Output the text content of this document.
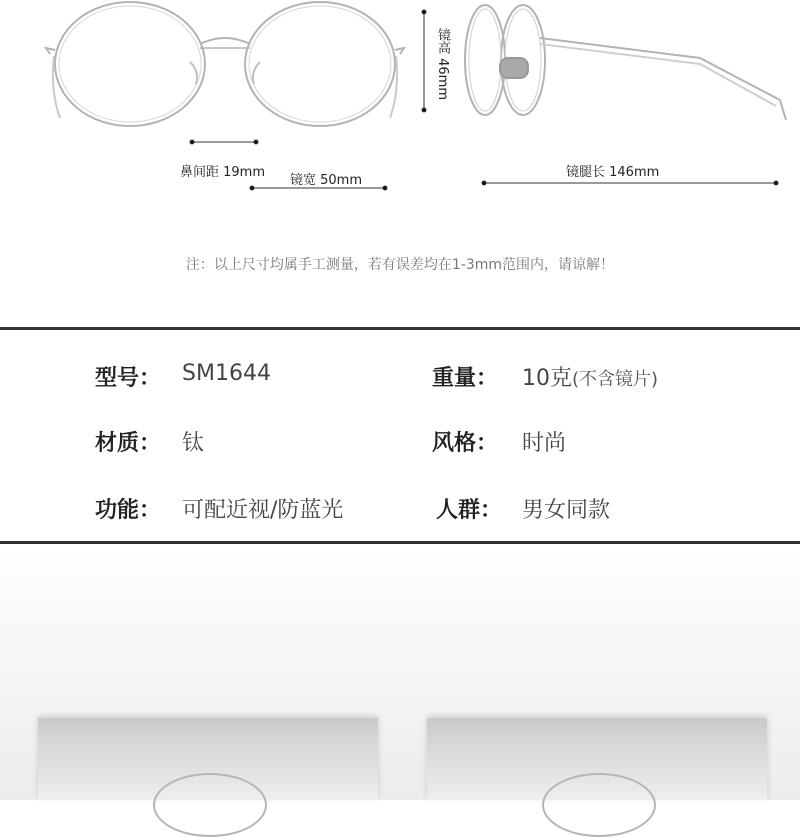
鼻间距 19mm
镜宽 50mm
镜高 46mm
镜腿长 146mm
注：以上尺寸均属手工测量，若有误差均在1-3mm范围内，请谅解！
型号： SM1644	重量： 10克(不含镜片)
材质： 钛	风格： 时尚
功能： 可配近视/防蓝光	人群： 男女同款
